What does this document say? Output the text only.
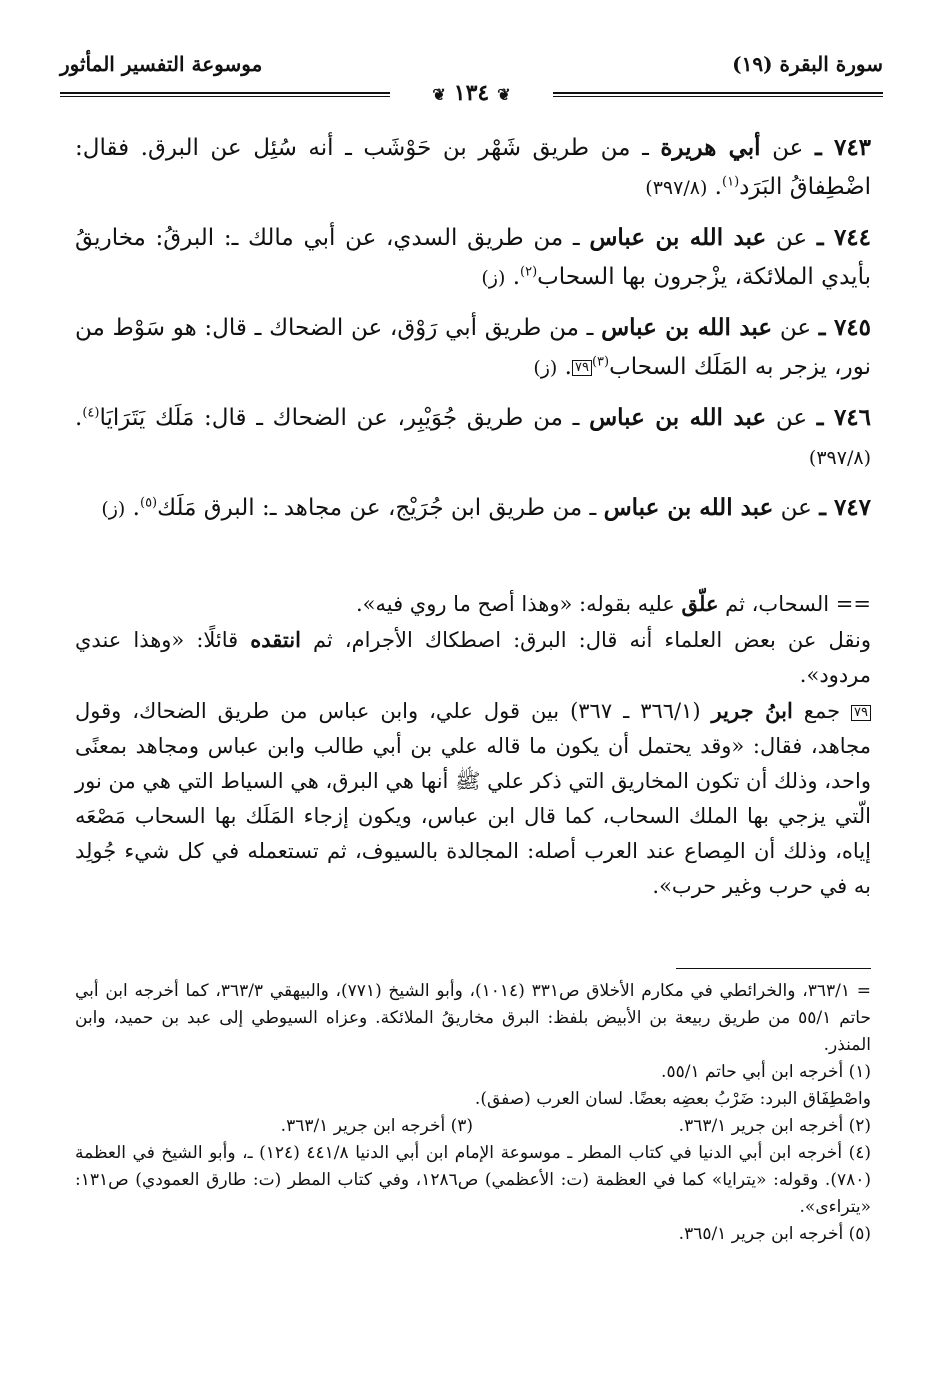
سورة البقرة (١٩)
موسوعة التفسير المأثور
❦١٣٤❦
٧٤٣ ـ عن أبي هريرة ـ من طريق شَهْر بن حَوْشَب ـ أنه سُئِل عن البرق. فقال: اضْطِفاقُ البَرَد$^{(١)}$. (٣٩٧/٨)
٧٤٤ ـ عن عبد الله بن عباس ـ من طريق السدي، عن أبي مالك ـ: البرقُ: مخاريقُ بأيدي الملائكة، يزْجرون بها السحاب$^{(٢)}$. (ز)
٧٤٥ ـ عن عبد الله بن عباس ـ من طريق أبي رَوْق، عن الضحاك ـ قال: هو سَوْط من نور، يزجر به المَلَك السحاب$^{(٣)}$٧٩. (ز)
٧٤٦ ـ عن عبد الله بن عباس ـ من طريق جُوَيْبِر، عن الضحاك ـ قال: مَلَك يَتَرَايَا$^{(٤)}$. (٣٩٧/٨)
٧٤٧ ـ عن عبد الله بن عباس ـ من طريق ابن جُرَيْج، عن مجاهد ـ: البرق مَلَك$^{(٥)}$. (ز)

== السحاب، ثم علّق عليه بقوله: «وهذا أصح ما روي فيه».

ونقل عن بعض العلماء أنه قال: البرق: اصطكاك الأجرام، ثم انتقده قائلًا: «وهذا عندي مردود».

٧٩ جمع ابنُ جرير (٣٦٦/١ ـ ٣٦٧) بين قول علي، وابن عباس من طريق الضحاك، وقول مجاهد، فقال: «وقد يحتمل أن يكون ما قاله علي بن أبي طالب وابن عباس ومجاهد بمعنًى واحد، وذلك أن تكون المخاريق التي ذكر علي ﷺ أنها هي البرق، هي السياط التي هي من نور الّتي يزجي بها الملك السحاب، كما قال ابن عباس، ويكون إزجاء المَلَك بها السحاب مَصْعَه إياه، وذلك أن المِصاع عند العرب أصله: المجالدة بالسيوف، ثم تستعمله في كل شيء جُولِد به في حرب وغير حرب».

= ٣٦٣/١، والخرائطي في مكارم الأخلاق ص٣٣١ (١٠١٤)، وأبو الشيخ (٧٧١)، والبيهقي ٣٦٣/٣، كما أخرجه ابن أبي حاتم ٥٥/١ من طريق ربيعة بن الأبيض بلفظ: البرق مخاريقُ الملائكة. وعزاه السيوطي إلى عبد بن حميد، وابن المنذر.

(١) أخرجه ابن أبي حاتم ٥٥/١.

واصْطِفَاق البرد: ضَرْبُ بعضِه بعضًا. لسان العرب (صفق).

(٢) أخرجه ابن جرير ٣٦٣/١.
(٣) أخرجه ابن جرير ٣٦٣/١.

(٤) أخرجه ابن أبي الدنيا في كتاب المطر ـ موسوعة الإمام ابن أبي الدنيا ٤٤١/٨ (١٢٤) ـ، وأبو الشيخ في العظمة (٧٨٠). وقوله: «يترايا» كما في العظمة (ت: الأعظمي) ص١٢٨٦، وفي كتاب المطر (ت: طارق العمودي) ص١٣١: «يتراءى».

(٥) أخرجه ابن جرير ٣٦٥/١.
